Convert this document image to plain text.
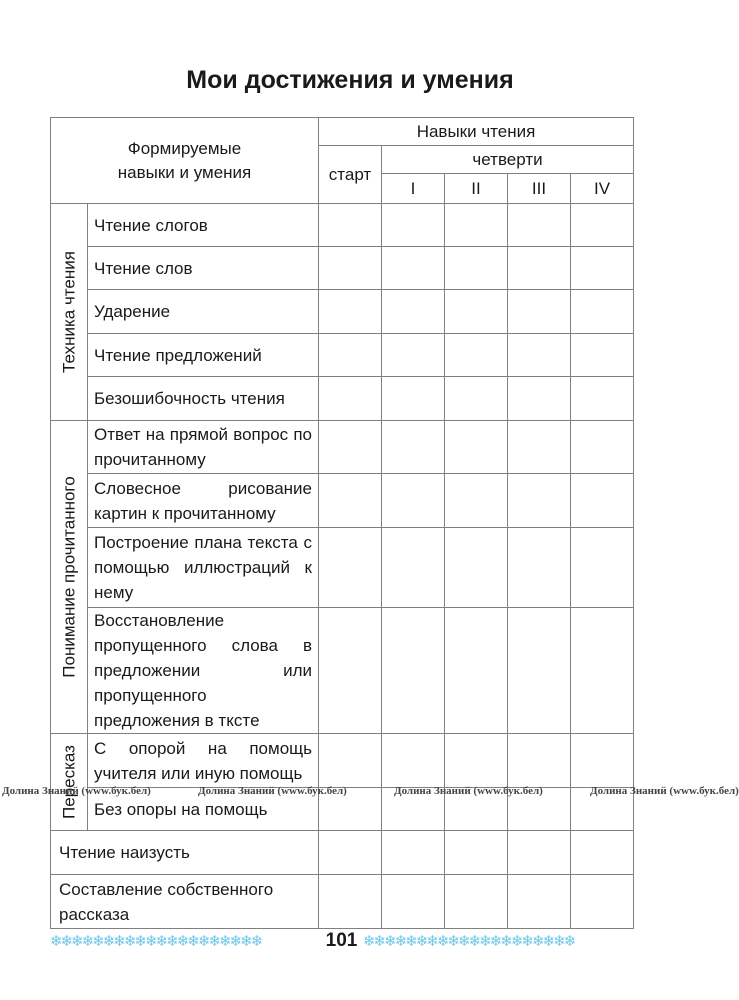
Мои достижения и умения
Формируемые навыки и умения		Навыки чтения				
		старт	четверти			
			I	II	III	IV

Техника чтения	Чтение слогов					
	Чтение слов					
	Ударение					
	Чтение предложений					
	Безошибочность чтения					

Понимание прочитанного	Ответ на прямой вопрос по прочитанному					
	Словесное рисование картин к прочитанному					
	Построение плана текста с помощью иллюстраций к нему					
	Восстановление пропущенного слова в предложении или пропущенного предложения в ткстe					

Пересказ	С опорой на помощь учителя или иную помощь					
	Без опоры на помощь					
Чтение наизусть						

Составление собственного рассказа						

Долина Знаний (www.бук.бел)	Долина Знаний (www.бук.бел)	Долина Знаний (www.бук.бел)	Долина Знаний (www.бук.бел)
❄❄❄❄❄❄❄❄❄❄❄❄❄❄❄❄❄❄❄❄	101 ❄❄❄❄❄❄❄❄❄❄❄❄❄❄❄❄❄❄❄❄
